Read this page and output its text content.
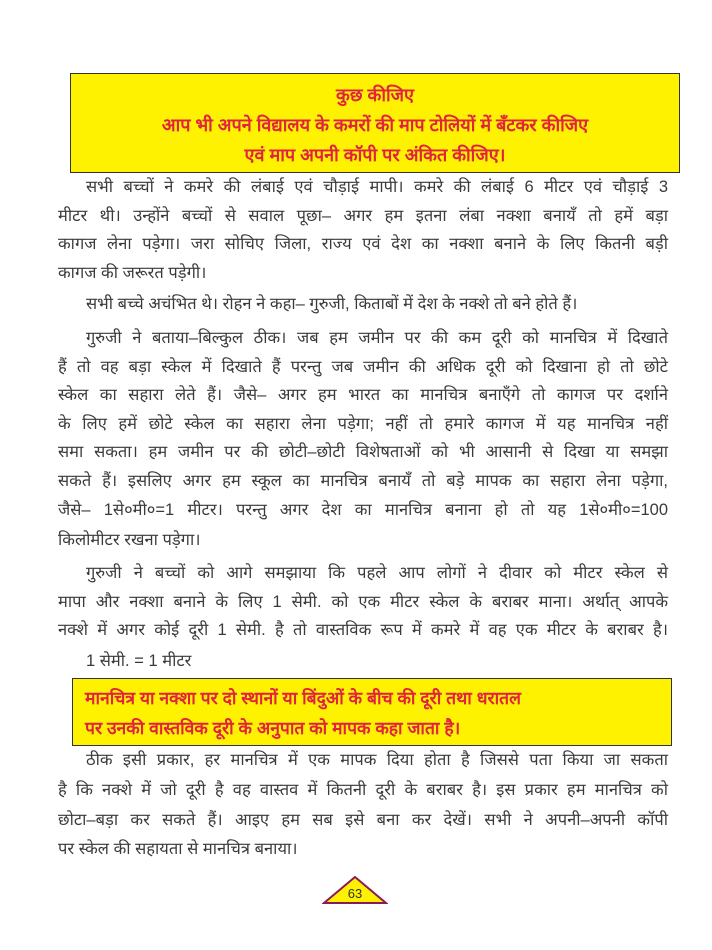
कुछ कीजिए
आप भी अपने विद्यालय के कमरों की माप टोलियों में बँटकर कीजिए
एवं माप अपनी कॉपी पर अंकित कीजिए।
सभी बच्चों ने कमरे की लंबाई एवं चौड़ाई मापी। कमरे की लंबाई 6 मीटर एवं चौड़ाई 3
मीटर थी। उन्होंने बच्चों से सवाल पूछा– अगर हम इतना लंबा नक्शा बनायँ तो हमें बड़ा
कागज लेना पड़ेगा। जरा सोचिए जिला, राज्य एवं देश का नक्शा बनाने के लिए कितनी बड़ी
कागज की जरूरत पड़ेगी।
सभी बच्चे अचंभित थे। रोहन ने कहा– गुरुजी, किताबों में देश के नक्शे तो बने होते हैं।
गुरुजी ने बताया–बिल्कुल ठीक। जब हम जमीन पर की कम दूरी को मानचित्र में दिखाते
हैं तो वह बड़ा स्केल में दिखाते हैं परन्तु जब जमीन की अधिक दूरी को दिखाना हो तो छोटे
स्केल का सहारा लेते हैं। जैसे– अगर हम भारत का मानचित्र बनाएँगे तो कागज पर दर्शाने
के लिए हमें छोटे स्केल का सहारा लेना पड़ेगा; नहीं तो हमारे कागज में यह मानचित्र नहीं
समा सकता। हम जमीन पर की छोटी–छोटी विशेषताओं को भी आसानी से दिखा या समझा
सकते हैं। इसलिए अगर हम स्कूल का मानचित्र बनायँ तो बड़े मापक का सहारा लेना पड़ेगा,
जैसे– 1से०मी०=1 मीटर। परन्तु अगर देश का मानचित्र बनाना हो तो यह 1से०मी०=100
किलोमीटर रखना पड़ेगा।
गुरुजी ने बच्चों को आगे समझाया कि पहले आप लोगों ने दीवार को मीटर स्केल से
मापा और नक्शा बनाने के लिए 1 सेमी. को एक मीटर स्केल के बराबर माना। अर्थात् आपके
नक्शे में अगर कोई दूरी 1 सेमी. है तो वास्तविक रूप में कमरे में वह एक मीटर के बराबर है।
1 सेमी. = 1 मीटर
मानचित्र या नक्शा पर दो स्थानों या बिंदुओं के बीच की दूरी तथा धरातल
पर उनकी वास्तविक दूरी के अनुपात को मापक कहा जाता है।
ठीक इसी प्रकार, हर मानचित्र में एक मापक दिया होता है जिससे पता किया जा सकता
है कि नक्शे में जो दूरी है वह वास्तव में कितनी दूरी के बराबर है। इस प्रकार हम मानचित्र को
छोटा–बड़ा कर सकते हैं। आइए हम सब इसे बना कर देखें। सभी ने अपनी–अपनी कॉपी
पर स्केल की सहायता से मानचित्र बनाया।
63
